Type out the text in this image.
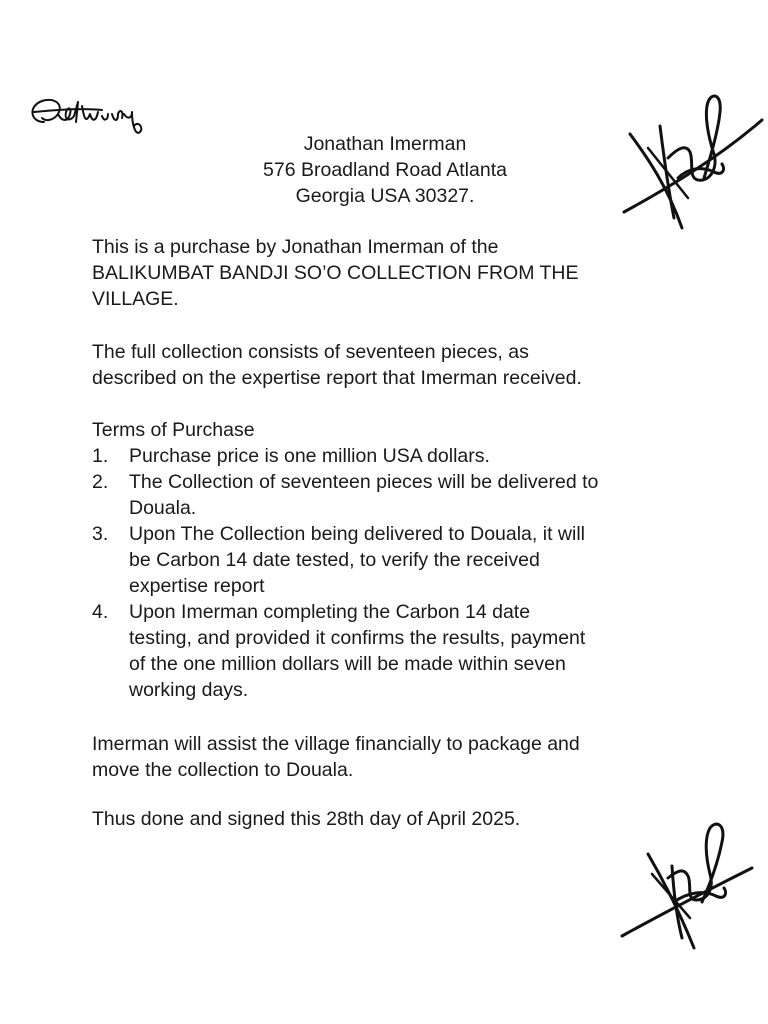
Jonathan Imerman
576 Broadland Road Atlanta
Georgia USA 30327.

This is a purchase by Jonathan Imerman of the

BALIKUMBAT BANDJI SO’O COLLECTION FROM THE

VILLAGE.

The full collection consists of seventeen pieces, as

described on the expertise report that Imerman received.

Terms of Purchase
1. Purchase price is one million USA dollars.
2. The Collection of seventeen pieces will be delivered to
Douala.
3. Upon The Collection being delivered to Douala, it will
be Carbon 14 date tested, to verify the received
expertise report
4. Upon Imerman completing the Carbon 14 date
testing, and provided it confirms the results, payment
of the one million dollars will be made within seven
working days.

Imerman will assist the village financially to package and

move the collection to Douala.

Thus done and signed this 28th day of April 2025.
